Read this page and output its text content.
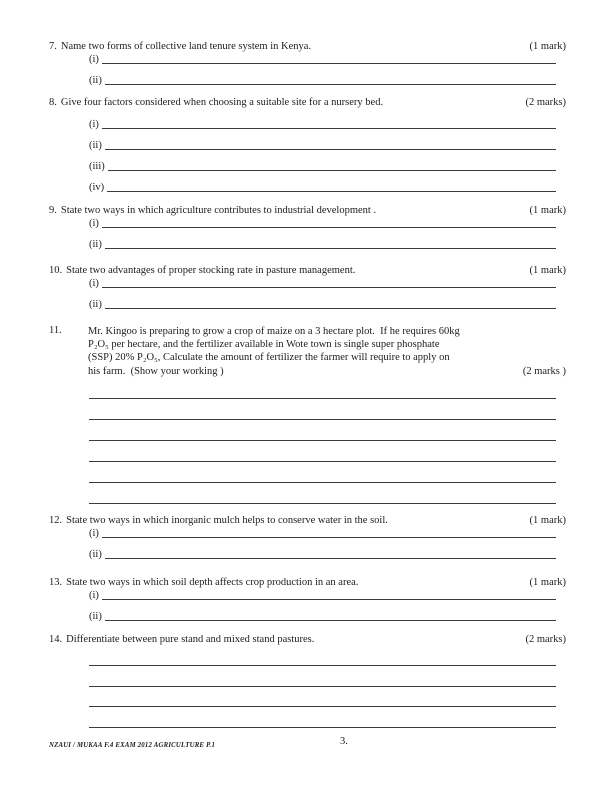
7. Name two forms of collective land tenure system in Kenya.	(1 mark)
(i)
(ii)
8. Give four factors considered when choosing a suitable site for a nursery bed.	(2 marks)
(i)
(ii)
(iii)
(iv)
9. State two ways in which agriculture contributes to industrial development .	(1 mark)
(i)
(ii)
10. State two advantages of proper stocking rate in pasture management.	(1 mark)
(i)
(ii)
11.	Mr. Kingoo is preparing to grow a crop of maize on a 3 hectare plot.  If he requires 60kg
P₂O₅ per hectare, and the fertilizer available in Wote town is single super phosphate
(SSP) 20% P₂O₅, Calculate the amount of fertilizer the farmer will require to apply on
his farm.  (Show your working )	(2 marks )
12. State two ways in which inorganic mulch helps to conserve water in the soil.	(1 mark)
(i)
(ii)
13. State two ways in which soil depth affects crop production in an area.	(1 mark)
(i)
(ii)
14. Differentiate between pure stand and mixed stand pastures.	(2 marks)
NZAUI / MUKAA F.4 EXAM 2012 AGRICULTURE P.1	3.
